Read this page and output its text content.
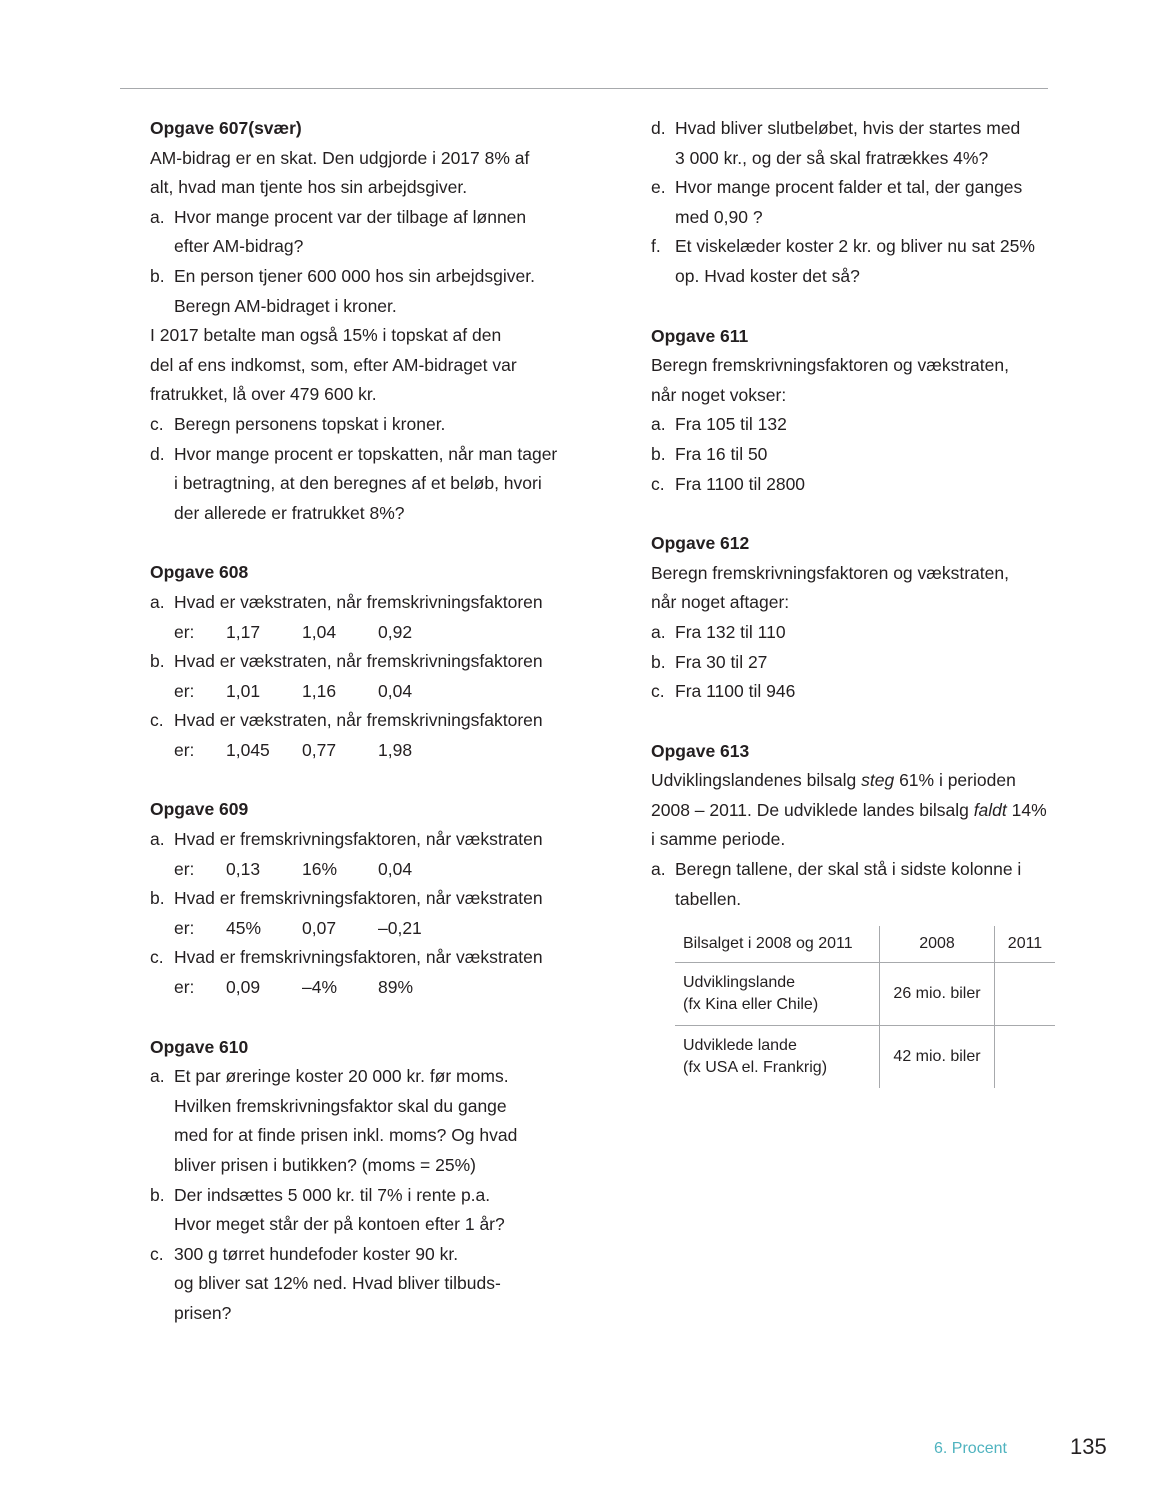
Opgave 607(svær)
AM-bidrag er en skat. Den udgjorde i 2017 8% af
alt, hvad man tjente hos sin arbejdsgiver.
a. Hvor mange procent var der tilbage af lønnen
efter AM-bidrag?
b. En person tjener 600 000 hos sin arbejdsgiver.
Beregn AM-bidraget i kroner.
I 2017 betalte man også 15% i topskat af den
del af ens indkomst, som, efter AM-bidraget var
fratrukket, lå over 479 600 kr.
c. Beregn personens topskat i kroner.
d. Hvor mange procent er topskatten, når man tager
i betragtning, at den beregnes af et beløb, hvori
der allerede er fratrukket 8%?
Opgave 608
a. Hvad er vækstraten, når fremskrivningsfaktoren
er:	1,17	1,04	0,92
b. Hvad er vækstraten, når fremskrivningsfaktoren
er:	1,01	1,16	0,04
c. Hvad er vækstraten, når fremskrivningsfaktoren
er:	1,045	0,77	1,98
Opgave 609
a. Hvad er fremskrivningsfaktoren, når vækstraten
er:	0,13	16%	0,04
b. Hvad er fremskrivningsfaktoren, når vækstraten
er:	45%	0,07	–0,21
c. Hvad er fremskrivningsfaktoren, når vækstraten
er:	0,09	–4%	89%
Opgave 610
a. Et par øreringe koster 20 000 kr. før moms.
Hvilken fremskrivningsfaktor skal du gange
med for at finde prisen inkl. moms? Og hvad
bliver prisen i butikken? (moms = 25%)
b. Der indsættes 5 000 kr. til 7% i rente p.a.
Hvor meget står der på kontoen efter 1 år?
c. 300 g tørret hundefoder koster 90 kr.
og bliver sat 12% ned. Hvad bliver tilbuds-
prisen?
d. Hvad bliver slutbeløbet, hvis der startes med
3 000 kr., og der så skal fratrækkes 4%?
e. Hvor mange procent falder et tal, der ganges
med 0,90 ?
f. Et viskelæder koster 2 kr. og bliver nu sat 25%
op. Hvad koster det så?
Opgave 611
Beregn fremskrivningsfaktoren og vækstraten,
når noget vokser:
a. Fra 105 til 132
b. Fra 16 til 50
c. Fra 1100 til 2800
Opgave 612
Beregn fremskrivningsfaktoren og vækstraten,
når noget aftager:
a. Fra 132 til 110
b. Fra 30 til 27
c. Fra 1100 til 946
Opgave 613
Udviklingslandenes bilsalg steg 61% i perioden
2008 – 2011. De udviklede landes bilsalg faldt 14%
i samme periode.
a. Beregn tallene, der skal stå i sidste kolonne i
tabellen.
Bilsalget i 2008 og 2011	2008	2011

Udviklingslande
(fx Kina eller Chile)	26 mio. biler	

Udviklede lande
(fx USA el. Frankrig)	42 mio. biler	
6. Procent	135
